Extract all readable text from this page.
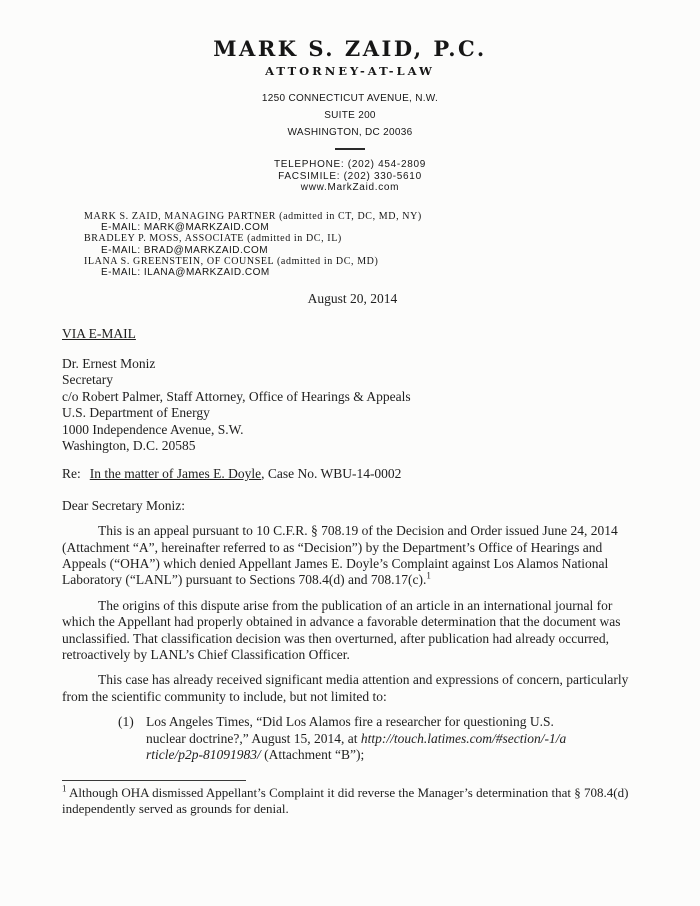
MARK S. ZAID, P.C.
ATTORNEY-AT-LAW
1250 CONNECTICUT AVENUE, N.W.
SUITE 200
WASHINGTON, DC 20036
TELEPHONE: (202) 454-2809
FACSIMILE: (202) 330-5610
www.MarkZaid.com
MARK S. ZAID, MANAGING PARTNER (admitted in CT, DC, MD, NY)
E-MAIL: MARK@MARKZAID.COM
BRADLEY P. MOSS, ASSOCIATE (admitted in DC, IL)
E-MAIL: BRAD@MARKZAID.COM
ILANA S. GREENSTEIN, OF COUNSEL (admitted in DC, MD)
E-MAIL: ILANA@MARKZAID.COM
August 20, 2014
VIA E-MAIL
Dr. Ernest Moniz
Secretary
c/o Robert Palmer, Staff Attorney, Office of Hearings & Appeals
U.S. Department of Energy
1000 Independence Avenue, S.W.
Washington, D.C. 20585
Re: In the matter of James E. Doyle, Case No. WBU-14-0002
Dear Secretary Moniz:

This is an appeal pursuant to 10 C.F.R. § 708.19 of the Decision and Order issued June 24, 2014 (Attachment “A”, hereinafter referred to as “Decision”) by the Department’s Office of Hearings and Appeals (“OHA”) which denied Appellant James E. Doyle’s Complaint against Los Alamos National Laboratory (“LANL”) pursuant to Sections 708.4(d) and 708.17(c).$^1$

The origins of this dispute arise from the publication of an article in an international journal for which the Appellant had properly obtained in advance a favorable determination that the document was unclassified. That classification decision was then overturned, after publication had already occurred, retroactively by LANL’s Chief Classification Officer.

This case has already received significant media attention and expressions of concern, particularly from the scientific community to include, but not limited to:

(1) Los Angeles Times, “Did Los Alamos fire a researcher for questioning U.S. nuclear doctrine?,” August 15, 2014, at http://touch.latimes.com/#section/-1/article/p2p-81091983/ (Attachment “B”);
$^1$ Although OHA dismissed Appellant’s Complaint it did reverse the Manager’s determination that § 708.4(d) independently served as grounds for denial.
